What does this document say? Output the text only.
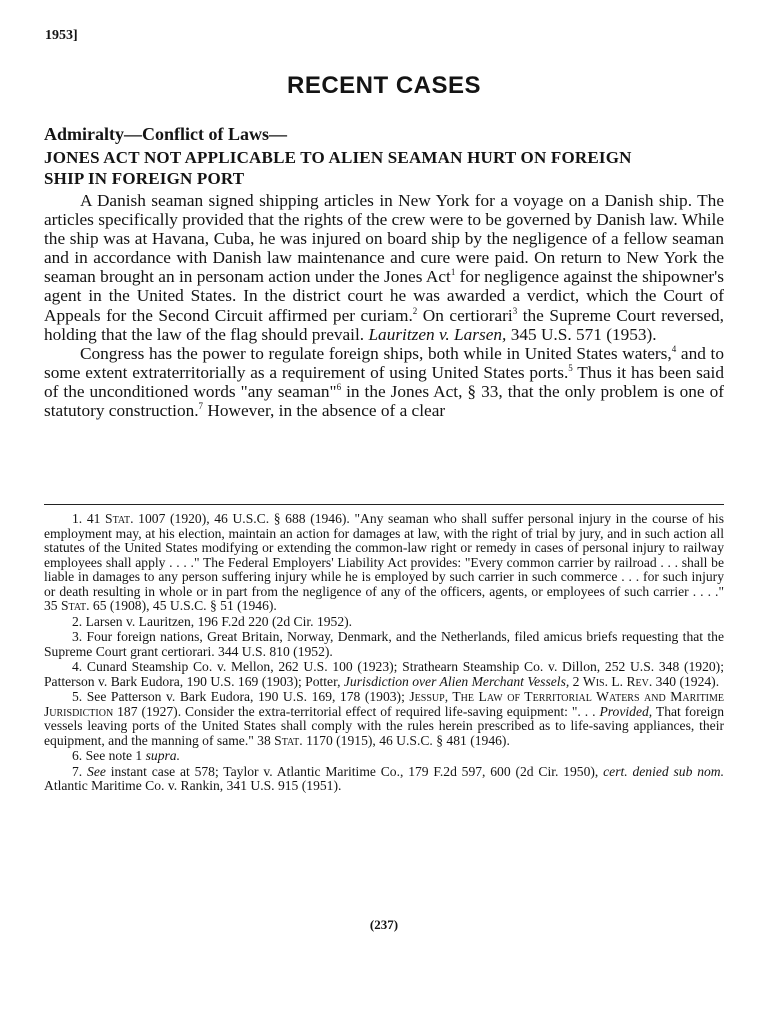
1953]
RECENT CASES
Admiralty—Conflict of Laws—
JONES ACT NOT APPLICABLE TO ALIEN SEAMAN HURT ON FOREIGN SHIP IN FOREIGN PORT

A Danish seaman signed shipping articles in New York for a voyage on a Danish ship. The articles specifically provided that the rights of the crew were to be governed by Danish law. While the ship was at Havana, Cuba, he was injured on board ship by the negligence of a fellow seaman and in accordance with Danish law maintenance and cure were paid. On return to New York the seaman brought an in personam action under the Jones Act$^1$ for negligence against the shipowner's agent in the United States. In the district court he was awarded a verdict, which the Court of Appeals for the Second Circuit affirmed per curiam.$^2$ On certiorari$^3$ the Supreme Court reversed, holding that the law of the flag should prevail. Lauritzen v. Larsen, 345 U.S. 571 (1953).

Congress has the power to regulate foreign ships, both while in United States waters,$^4$ and to some extent extraterritorially as a requirement of using United States ports.$^5$ Thus it has been said of the unconditioned words "any seaman"$^6$ in the Jones Act, § 33, that the only problem is one of statutory construction.$^7$ However, in the absence of a clear

1. 41 Stat. 1007 (1920), 46 U.S.C. § 688 (1946). "Any seaman who shall suffer personal injury in the course of his employment may, at his election, maintain an action for damages at law, with the right of trial by jury, and in such action all statutes of the United States modifying or extending the common-law right or remedy in cases of personal injury to railway employees shall apply . . . ." The Federal Employers' Liability Act provides: "Every common carrier by railroad . . . shall be liable in damages to any person suffering injury while he is employed by such carrier in such commerce . . . for such injury or death resulting in whole or in part from the negligence of any of the officers, agents, or employees of such carrier . . . ." 35 Stat. 65 (1908), 45 U.S.C. § 51 (1946).

2. Larsen v. Lauritzen, 196 F.2d 220 (2d Cir. 1952).

3. Four foreign nations, Great Britain, Norway, Denmark, and the Netherlands, filed amicus briefs requesting that the Supreme Court grant certiorari. 344 U.S. 810 (1952).

4. Cunard Steamship Co. v. Mellon, 262 U.S. 100 (1923); Strathearn Steamship Co. v. Dillon, 252 U.S. 348 (1920); Patterson v. Bark Eudora, 190 U.S. 169 (1903); Potter, Jurisdiction over Alien Merchant Vessels, 2 Wis. L. Rev. 340 (1924).

5. See Patterson v. Bark Eudora, 190 U.S. 169, 178 (1903); Jessup, The Law of Territorial Waters and Maritime Jurisdiction 187 (1927). Consider the extra-territorial effect of required life-saving equipment: ". . . Provided, That foreign vessels leaving ports of the United States shall comply with the rules herein prescribed as to life-saving appliances, their equipment, and the manning of same." 38 Stat. 1170 (1915), 46 U.S.C. § 481 (1946).

6. See note 1 supra.

7. See instant case at 578; Taylor v. Atlantic Maritime Co., 179 F.2d 597, 600 (2d Cir. 1950), cert. denied sub nom. Atlantic Maritime Co. v. Rankin, 341 U.S. 915 (1951).

(237)
